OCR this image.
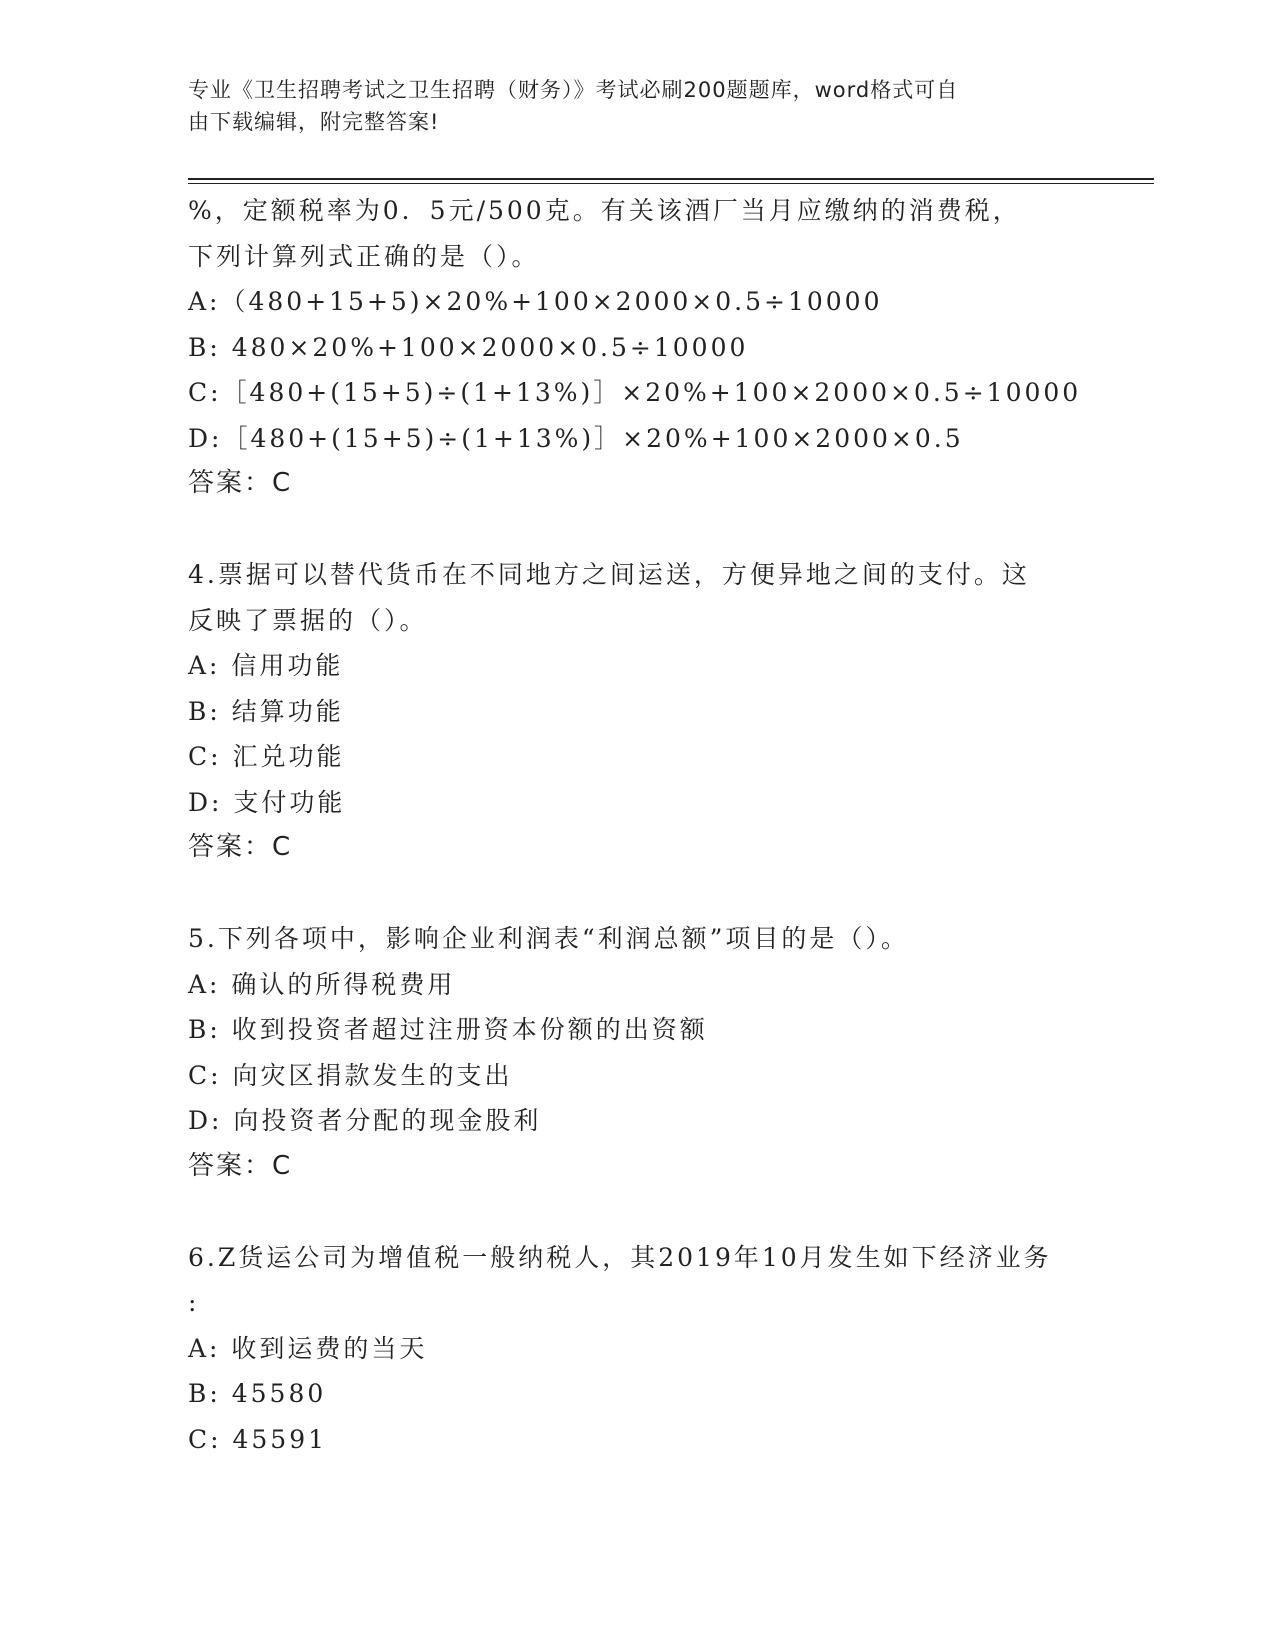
专业《卫生招聘考试之卫生招聘（财务）》考试必刷200题题库，word格式可自
由下载编辑，附完整答案!
%，定额税率为0．5元/500克。有关该酒厂当月应缴纳的消费税，
下列计算列式正确的是（）。
A:（480+15+5)×20%+100×2000×0.5÷10000
B: 480×20%+100×2000×0.5÷10000
C:［480+(15+5)÷(1+13%)］×20%+100×2000×0.5÷10000
D:［480+(15+5)÷(1+13%)］×20%+100×2000×0.5
答案：C
4.票据可以替代货币在不同地方之间运送，方便异地之间的支付。这
反映了票据的（）。
A: 信用功能
B: 结算功能
C: 汇兑功能
D: 支付功能
答案：C
5.下列各项中，影响企业利润表“利润总额”项目的是（）。
A: 确认的所得税费用
B: 收到投资者超过注册资本份额的出资额
C: 向灾区捐款发生的支出
D: 向投资者分配的现金股利
答案：C
6.Z货运公司为增值税一般纳税人，其2019年10月发生如下经济业务
:
A: 收到运费的当天
B: 45580
C: 45591
